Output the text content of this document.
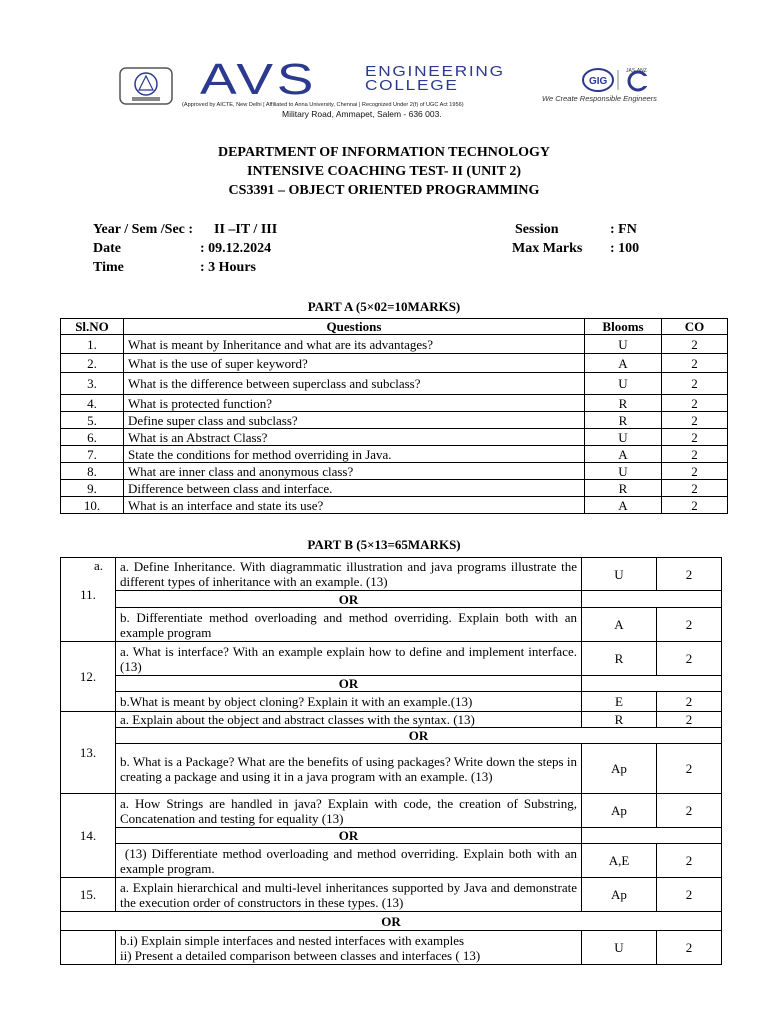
AVS	ENGINEERING
COLLEGE	GIG
JAS-ANZ
We Create Responsible Engineers
(Approved by AICTE, New Delhi | Affiliated to Anna University, Chennai | Recognized Under 2(f) of UGC Act 1956)
Military Road, Ammapet, Salem - 636 003.
DEPARTMENT OF INFORMATION TECHNOLOGY
INTENSIVE COACHING TEST- II (UNIT 2)
CS3391 – OBJECT ORIENTED PROGRAMMING
Year / Sem /Sec : II –IT / III
Date	: 09.12.2024
Time	: 3 Hours
Session	: FN
Max Marks : 100
PART A (5×02=10MARKS)
Sl.NO	Questions	Blooms	CO
1.	What is meant by Inheritance and what are its advantages?	U	2
2.	What is the use of super keyword?	A	2
3.	What is the difference between superclass and subclass?	U	2
4.	What is protected function?	R	2
5.	Define super class and subclass?	R	2
6.	What is an Abstract Class?	U	2
7.	State the conditions for method overriding in Java.	A	2
8.	What are inner class and anonymous class?	U	2
9.	Difference between class and interface.	R	2
10.	What is an interface and state its use?	A	2
PART B (5×13=65MARKS)
a.
11.	a. Define Inheritance. With diagrammatic illustration and java programs illustrate the different types of inheritance with an example. (13)	U	2
	OR		
	b. Differentiate method overloading and method overriding. Explain both with an example program	A	2
12.	a. What is interface? With an example explain how to define and implement interface. (13)	R	2
	OR		
	b.What is meant by object cloning? Explain it with an example.(13)	E	2
13.	a. Explain about the object and abstract classes with the syntax. (13)	R	2
	OR		
	b. What is a Package? What are the benefits of using packages? Write down the steps in creating a package and using it in a java program with an example. (13)	Ap	2
14.	a. How Strings are handled in java? Explain with code, the creation of Substring, Concatenation and testing for equality (13)	Ap	2
	OR		
	(13) Differentiate method overloading and method overriding. Explain both with an example program.	A,E	2
15.	a. Explain hierarchical and multi-level inheritances supported by Java and demonstrate the execution order of constructors in these types. (13)	Ap	2
OR			

	b.i) Explain simple interfaces and nested interfaces with examples
ii) Present a detailed comparison between classes and interfaces ( 13)	U	2
